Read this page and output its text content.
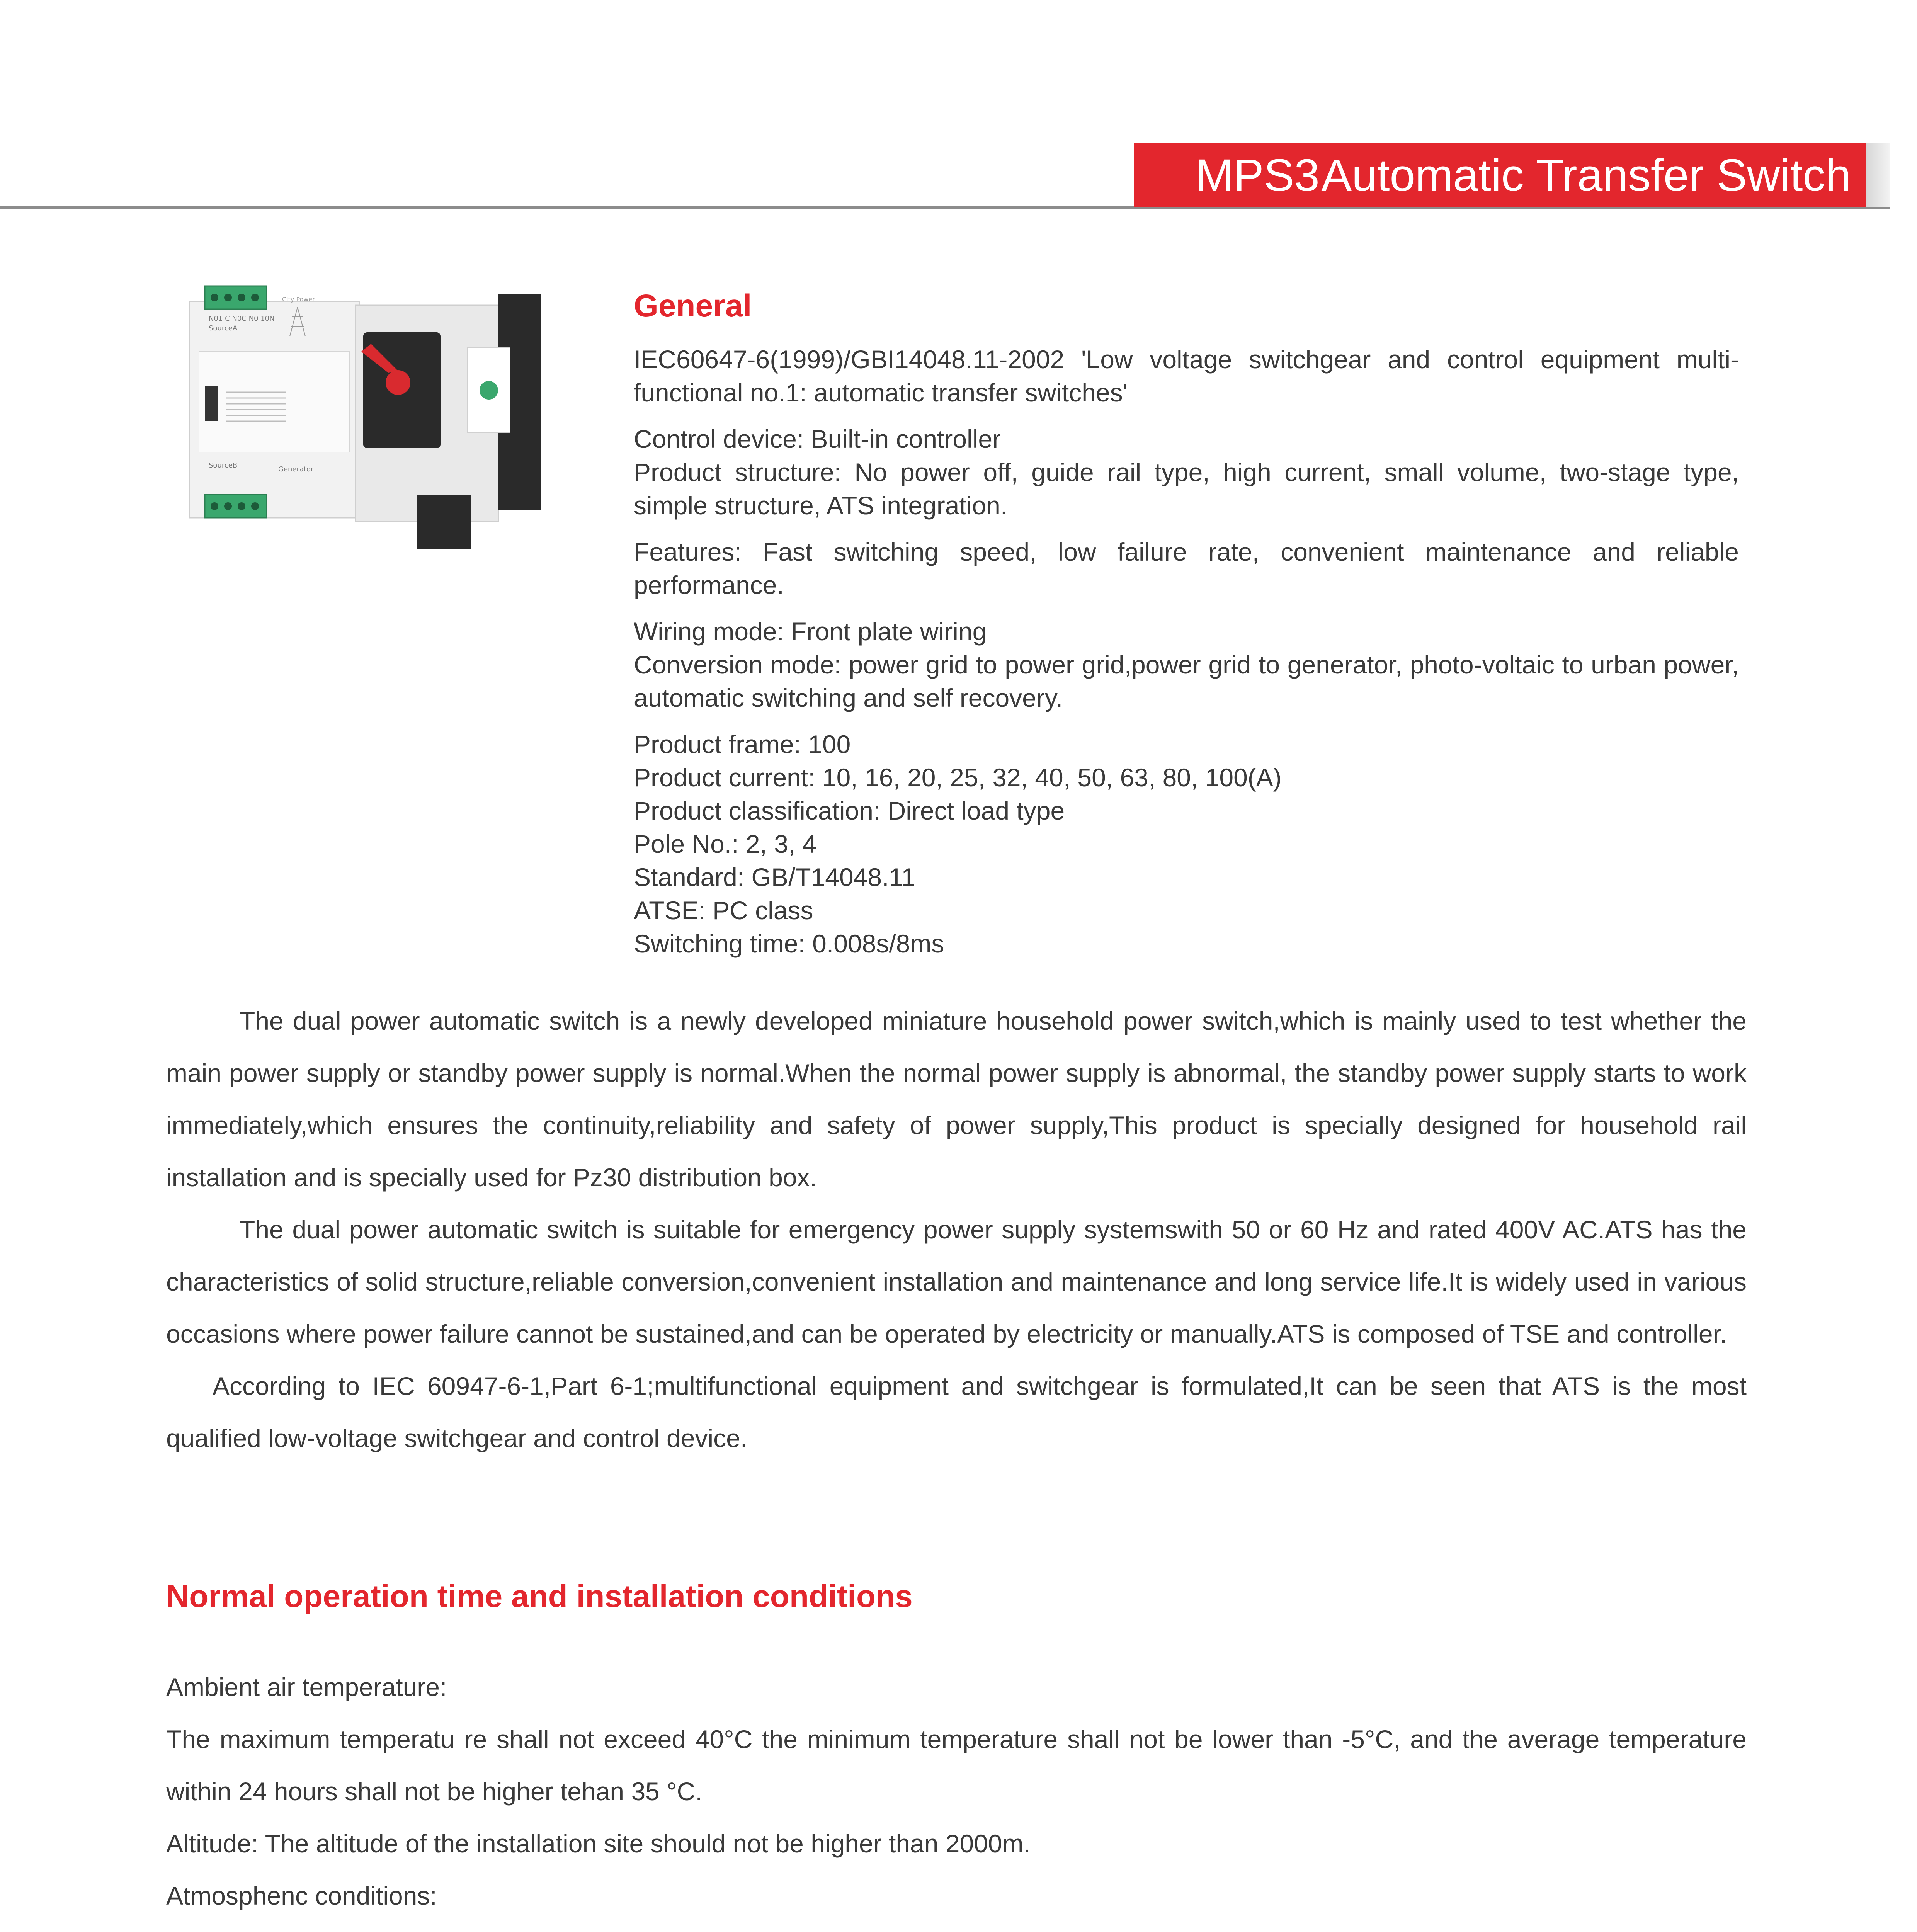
MPS3 Automatic Transfer Switch
N01 C N0C N0 10N
SourceA
City Power
SourceB	Generator
General

IEC60647-6(1999)/GBI14048.11-2002 'Low voltage switchgear and control equipment multi-functional no.1: automatic transfer switches'

Control device: Built-in controller

Product structure: No power off, guide rail type, high current, small volume, two-stage type, simple structure, ATS integration.

Features: Fast switching speed, low failure rate, convenient maintenance and reliable performance.

Wiring mode: Front plate wiring

Conversion mode: power grid to power grid,power grid to generator, photo-voltaic to urban power, automatic switching and self recovery.

Product frame: 100

Product current: 10, 16, 20, 25, 32, 40, 50, 63, 80, 100(A)

Product classification: Direct load type

Pole No.: 2, 3, 4

Standard: GB/T14048.11

ATSE: PC class

Switching time: 0.008s/8ms

The dual power automatic switch is a newly developed miniature household power switch,which is mainly used to test whether the main power supply or standby power supply is normal.When the normal power supply is abnormal, the standby power supply starts to work immediately,which ensures the continuity,reliability and safety of power supply,This product is specially designed for household rail installation and is specially used for Pz30 distribution box.

The dual power automatic switch is suitable for emergency power supply systemswith 50 or 60 Hz and rated 400V AC.ATS has the characteristics of solid structure,reliable conversion,convenient installation and maintenance and long service life.It is widely used in various occasions where power failure cannot be sustained,and can be operated by electricity or manually.ATS is composed of TSE and controller.

According to IEC 60947-6-1,Part 6-1;multifunctional equipment and switchgear is formulated,It can be seen that ATS is the most qualified low-voltage switchgear and control device.

Normal operation time and installation conditions

Ambient air temperature:

The maximum temperatu re shall not exceed 40°C the minimum temperature shall not be lower than -5°C, and the average temperature within 24 hours shall not be higher tehan 35 °C.

Altitude: The altitude of the installation site should not be higher than 2000m.

Atmosphenc conditions:
